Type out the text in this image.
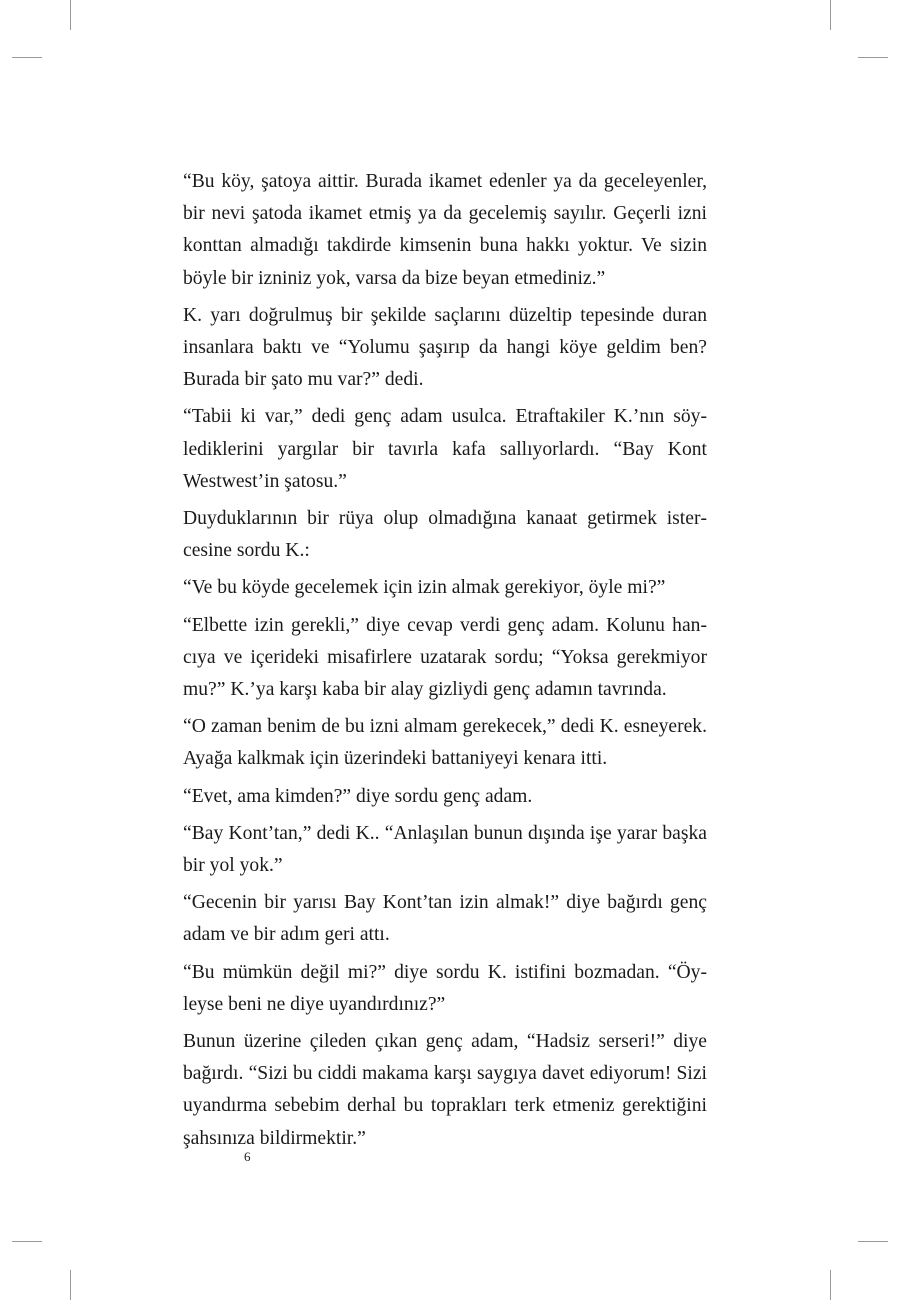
“Bu köy, şatoya aittir. Burada ikamet edenler ya da geceleyenler, bir nevi şatoda ikamet etmiş ya da gecelemiş sayılır. Geçerli izni konttan almadığı takdirde kimsenin buna hakkı yoktur. Ve sizin böyle bir izniniz yok, varsa da bize beyan etmediniz.”

K. yarı doğrulmuş bir şekilde saçlarını düzeltip tepesinde duran insanlara baktı ve “Yolumu şaşırıp da hangi köye geldim ben? Burada bir şato mu var?” dedi.

“Tabii ki var,” dedi genç adam usulca. Etraftakiler K.’nın söylediklerini yargılar bir tavırla kafa sallıyorlardı. “Bay Kont Westwest’in şatosu.”

Duyduklarının bir rüya olup olmadığına kanaat getirmek istercesine sordu K.:

“Ve bu köyde gecelemek için izin almak gerekiyor, öyle mi?”

“Elbette izin gerekli,” diye cevap verdi genç adam. Kolunu hancıya ve içerideki misafirlere uzatarak sordu; “Yoksa gerekmiyor mu?” K.’ya karşı kaba bir alay gizliydi genç adamın tavrında.

“O zaman benim de bu izni almam gerekecek,” dedi K. esneyerek. Ayağa kalkmak için üzerindeki battaniyeyi kenara itti.

“Evet, ama kimden?” diye sordu genç adam.

“Bay Kont’tan,” dedi K.. “Anlaşılan bunun dışında işe yarar başka bir yol yok.”

“Gecenin bir yarısı Bay Kont’tan izin almak!” diye bağırdı genç adam ve bir adım geri attı.

“Bu mümkün değil mi?” diye sordu K. istifini bozmadan. “Öyleyse beni ne diye uyandırdınız?”

Bunun üzerine çileden çıkan genç adam, “Hadsiz serseri!” diye bağırdı. “Sizi bu ciddi makama karşı saygıya davet ediyorum! Sizi uyandırma sebebim derhal bu toprakları terk etmeniz gerektiğini şahsınıza bildirmektir.”

6
